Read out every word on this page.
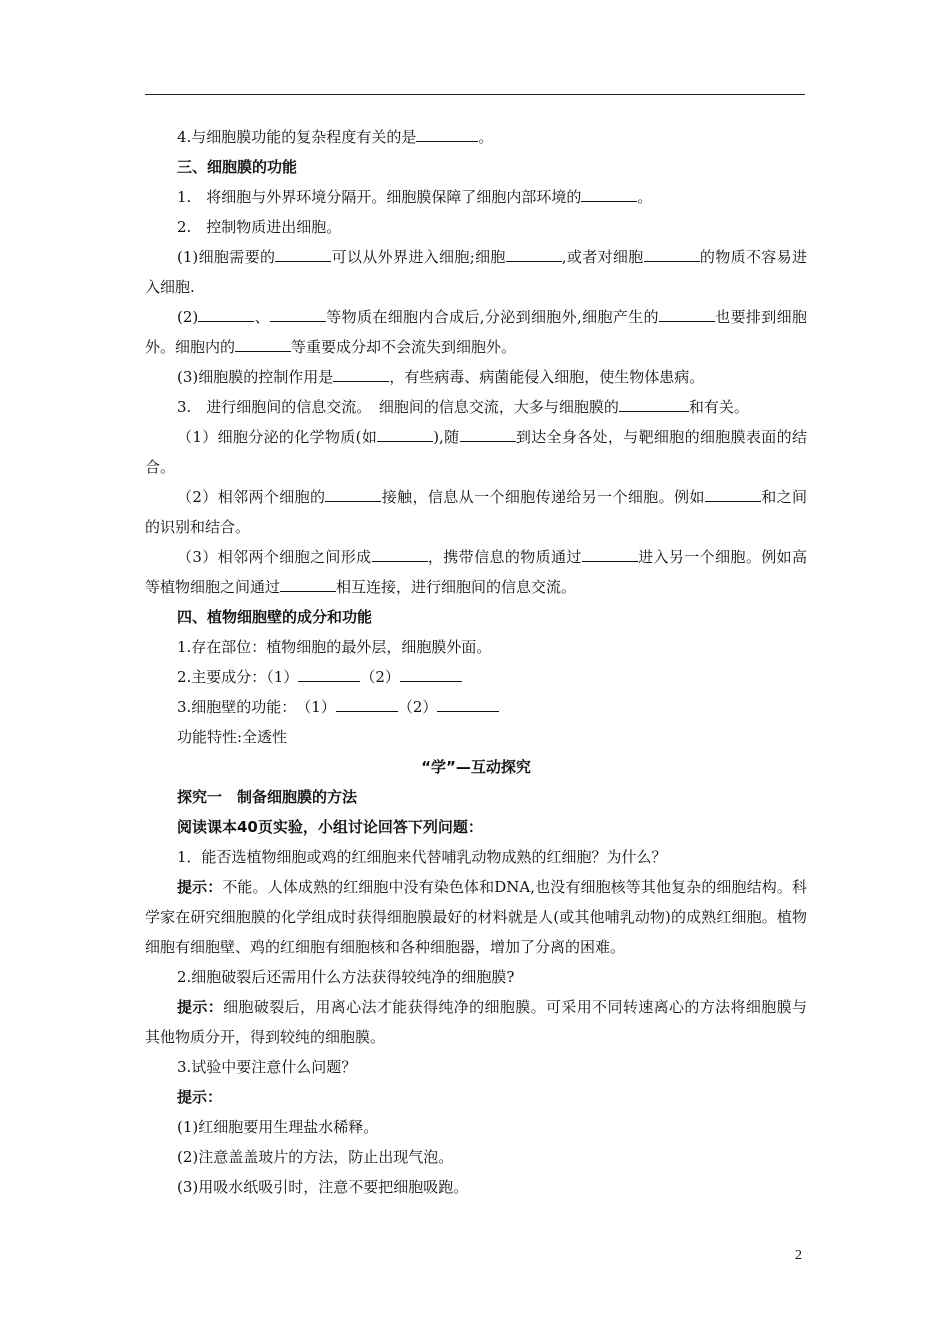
4.与细胞膜功能的复杂程度有关的是	。

三、细胞膜的功能

1.　将细胞与外界环境分隔开。细胞膜保障了细胞内部环境的	。

2.　控制物质进出细胞。

(1)细胞需要的	可以从外界进入细胞;细胞	,或者对细胞	的物质不容易进入细胞.

(2)	、	等物质在细胞内合成后,分泌到细胞外,细胞产生的	也要排到细胞外。细胞内的	等重要成分却不会流失到细胞外。

(3)细胞膜的控制作用是	，有些病毒、病菌能侵入细胞，使生物体患病。

3.　进行细胞间的信息交流。　细胞间的信息交流，大多与细胞膜的	和有关。

（1）细胞分泌的化学物质(如	),随	到达全身各处，与靶细胞的细胞膜表面的结合。

（2）相邻两个细胞的	接触，信息从一个细胞传递给另一个细胞。例如	和之间的识别和结合。

（3）相邻两个细胞之间形成	，携带信息的物质通过	进入另一个细胞。例如高等植物细胞之间通过	相互连接，进行细胞间的信息交流。

四、植物细胞壁的成分和功能

1.存在部位：植物细胞的最外层，细胞膜外面。

2.主要成分：（1）	（2）

3.细胞壁的功能：　（1）	（2）

功能特性:全透性

“学”—互动探究

探究一　制备细胞膜的方法

阅读课本40页实验，小组讨论回答下列问题：

1．能否选植物细胞或鸡的红细胞来代替哺乳动物成熟的红细胞？为什么？

提示：不能。人体成熟的红细胞中没有染色体和DNA,也没有细胞核等其他复杂的细胞结构。科学家在研究细胞膜的化学组成时获得细胞膜最好的材料就是人(或其他哺乳动物)的成熟红细胞。植物细胞有细胞壁、鸡的红细胞有细胞核和各种细胞器，增加了分离的困难。

2.细胞破裂后还需用什么方法获得较纯净的细胞膜?

提示：细胞破裂后，用离心法才能获得纯净的细胞膜。可采用不同转速离心的方法将细胞膜与其他物质分开，得到较纯的细胞膜。

3.试验中要注意什么问题？

提示：

(1)红细胞要用生理盐水稀释。

(2)注意盖盖玻片的方法，防止出现气泡。

(3)用吸水纸吸引时，注意不要把细胞吸跑。

2
